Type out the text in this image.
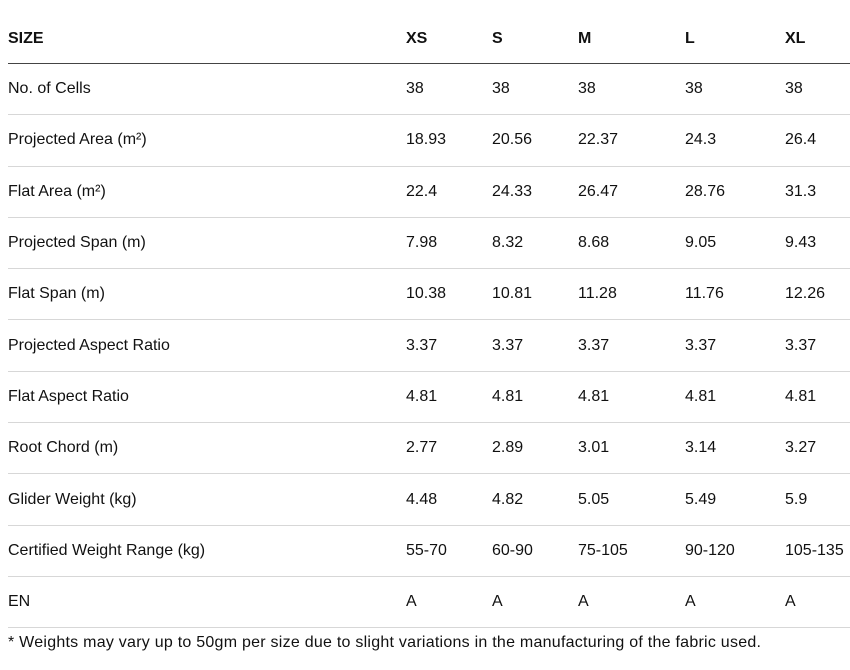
SIZE	XS	S	M	L	XL
No. of Cells	38	38	38	38	38
Projected Area (m²)	18.93	20.56	22.37	24.3	26.4
Flat Area (m²)	22.4	24.33	26.47	28.76	31.3
Projected Span (m)	7.98	8.32	8.68	9.05	9.43
Flat Span (m)	10.38	10.81	11.28	11.76	12.26
Projected Aspect Ratio	3.37	3.37	3.37	3.37	3.37
Flat Aspect Ratio	4.81	4.81	4.81	4.81	4.81
Root Chord (m)	2.77	2.89	3.01	3.14	3.27
Glider Weight (kg)	4.48	4.82	5.05	5.49	5.9
Certified Weight Range (kg)	55-70	60-90	75-105	90-120	105-135
EN	A	A	A	A	A
* Weights may vary up to 50gm per size due to slight variations in the manufacturing of the fabric used.
